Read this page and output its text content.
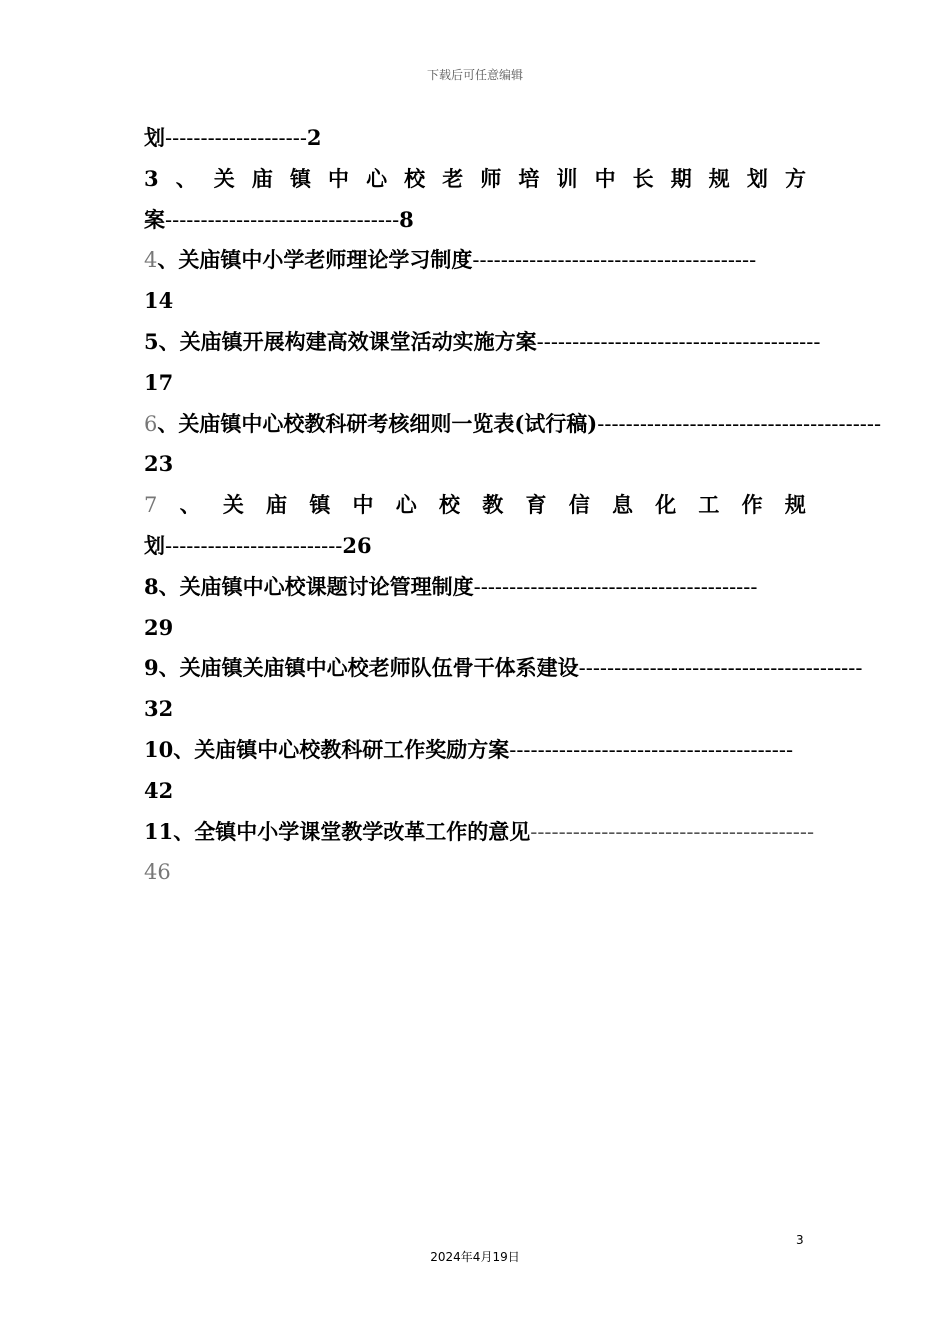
下载后可任意编辑
划 -------------------- 2
3 、 关 庙 镇 中 心 校 老 师 培 训 中 长 期 规 划 方
案 --------------------------------- 8
4 、关庙镇中小学老师理论学习制度 ----------------------------------------
14
5、关庙镇开展构建高效课堂活动实施方案 ----------------------------------------
17
6 、关庙镇中心校教科研考核细则一览表(试行稿) ----------------------------------------
23
7 、 关 庙 镇 中 心 校 教 育 信 息 化 工 作 规
划 ------------------------- 26
8、关庙镇中心校课题讨论管理制度 ----------------------------------------
29
9、关庙镇关庙镇中心校老师队伍骨干体系建设 ----------------------------------------
32
10、关庙镇中心校教科研工作奖励方案 ----------------------------------------
42
11、全镇中小学课堂教学改革工作的意见 ----------------------------------------
46
3
2024年4月19日
